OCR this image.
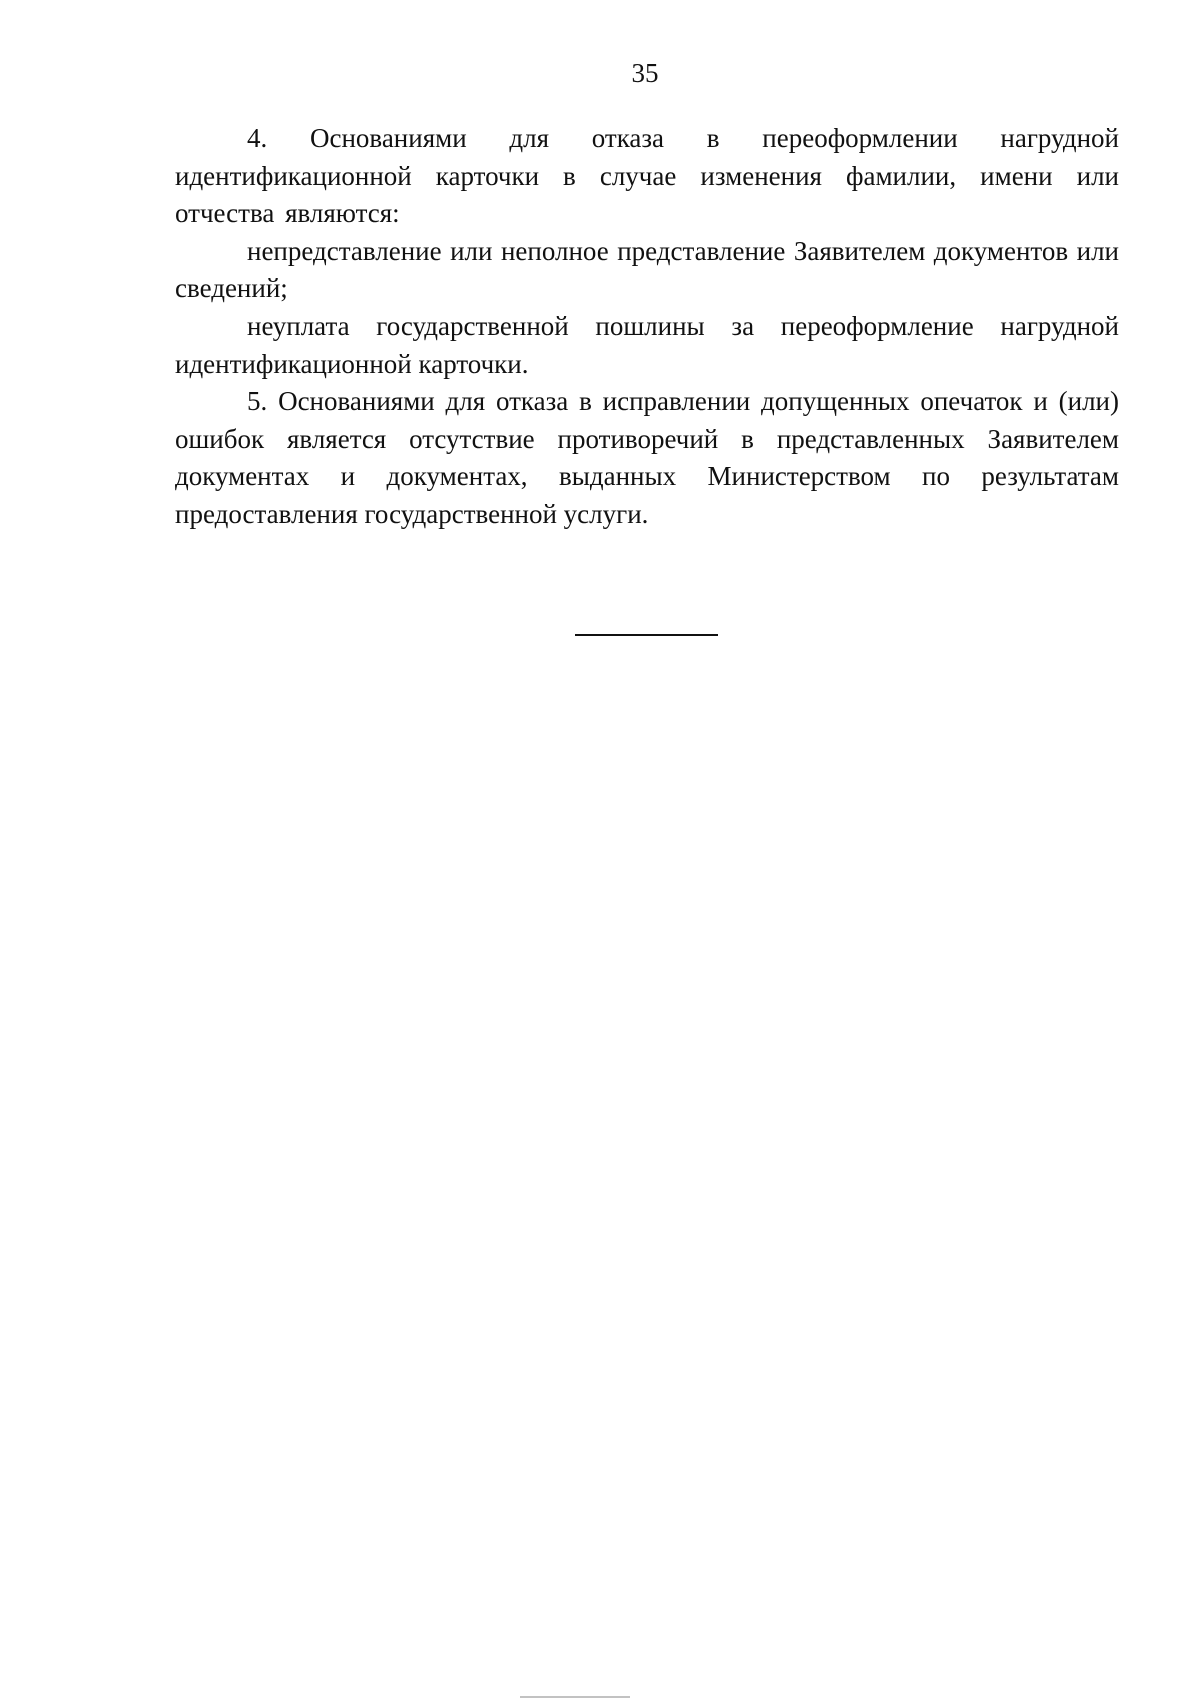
35

4. Основаниями для отказа в переоформлении нагрудной идентификационной карточки в случае изменения фамилии, имени или отчества являются:

непредставление или неполное представление Заявителем документов или сведений;

неуплата государственной пошлины за переоформление нагрудной идентификационной карточки.

5. Основаниями для отказа в исправлении допущенных опечаток и (или) ошибок является отсутствие противоречий в представленных Заявителем документах и документах, выданных Министерством по результатам предоставления государственной услуги.
